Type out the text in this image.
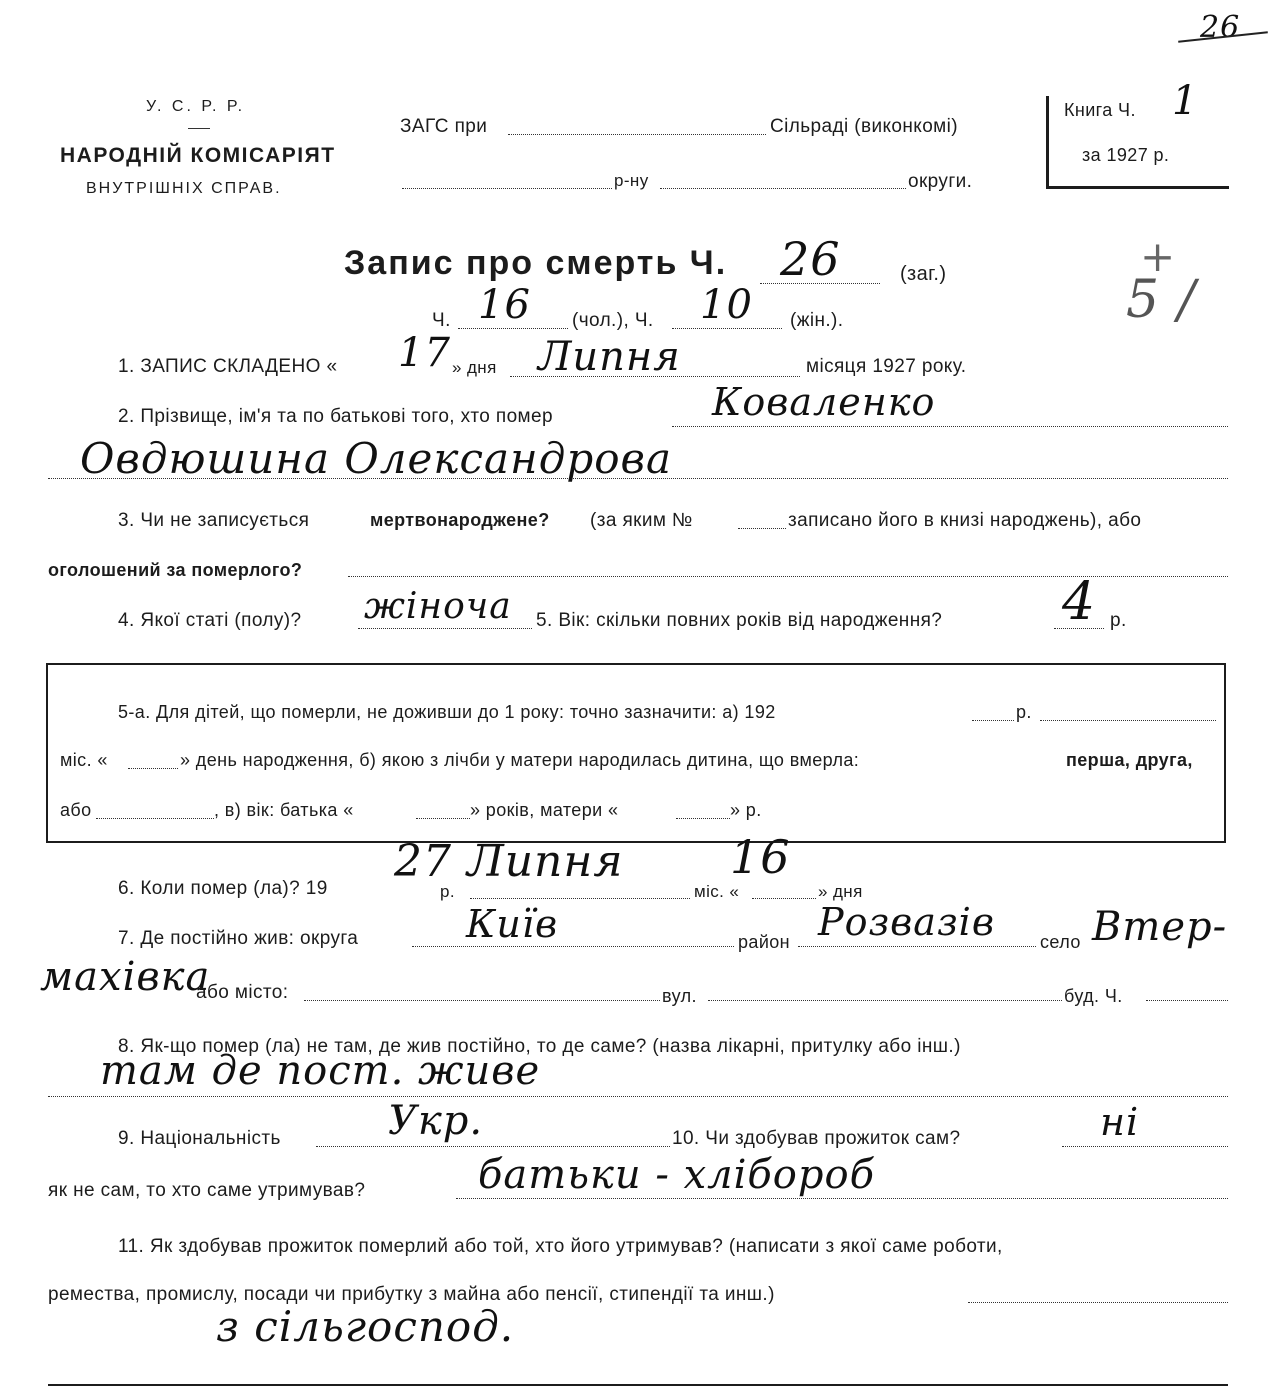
У. С. Р. Р.
НАРОДНІЙ КОМІСАРІЯТ
ВНУТРІШНІХ СПРАВ.
ЗАГС при	Сільраді (виконкомі)
р-ну	округи.
Книга Ч. 1
за 1927 р.
26
+
5 /
Запис про смерть Ч. 26	(заг.)
Ч. 16 (чол.), Ч. 10 (жін.).
1. ЗАПИС СКЛАДЕНО « 17 » дня Липня	місяця 1927 року.
2. Прізвище, ім'я та по батькові того, хто помер	Коваленко
Овдюшина Олександрова
3. Чи не записується	мертвонароджене? (за яким №	записано його в книзі народжень), або
оголошений за померлого?
4. Якої статі (полу)? жіноча 5. Вік: скільки повних років від народження? 4 р.
5-а. Для дітей, що померли, не доживши до 1 року: точно зазначити: а) 192	р.
міс. «	» день народження, б) якою з лічби у матери народилась дитина, що вмерла:	перша, друга,
або	, в) вік: батька «	» років, матери «	» р.
6. Коли помер (ла)? 19
27 Липня
р.	міс. «
16
» дня
7. Де постійно жив: округа	Київ	район Розвазів	село Втер-
махівка
або місто:	вул.	буд. Ч.
8. Як-що помер (ла) не там, де жив постійно, то де саме? (назва лікарні, притулку або інш.)
там де пост. живе
9. Національність	Укр.	10. Чи здобував прожиток сам?	ні
як не сам, то хто саме утримував?	батьки - хлібороб
11. Як здобував прожиток померлий або той, хто його утримував? (написати з якої саме роботи,
ремества, промислу, посади чи прибутку з майна або пенсії, стипендії та инш.)
з сільгоспод.
